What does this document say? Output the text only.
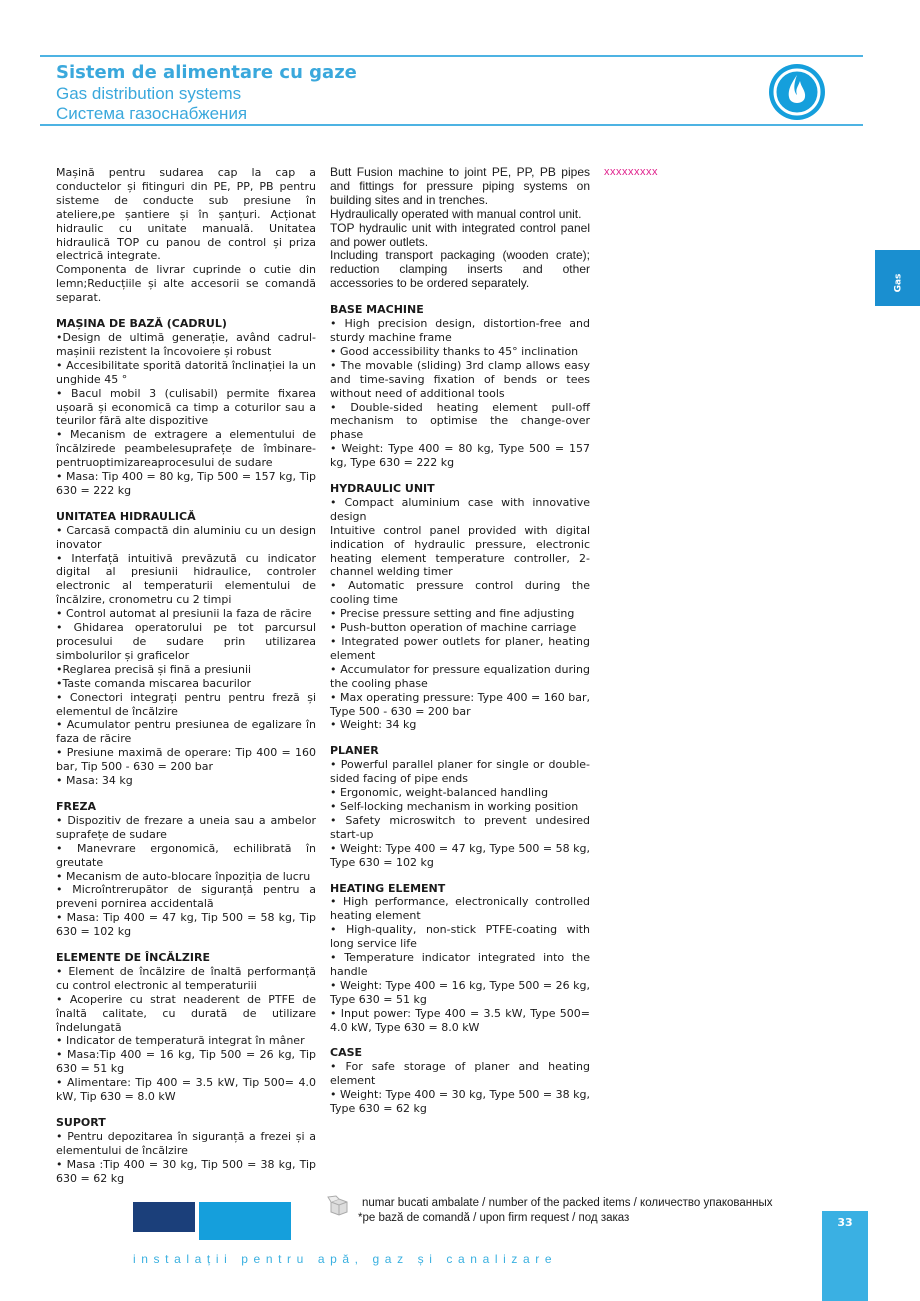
Sistem de alimentare cu gaze
Gas distribution systems
Система газоснабжения
Gas

Mașină pentru sudarea cap la cap a conductelor și fitinguri din PE, PP, PB pentru sisteme de conducte sub presiune în ateliere,pe șantiere și în șanțuri. Acționat hidraulic cu unitate manuală. Unitatea hidraulică TOP cu panou de control și priza electrică integrate.

Componenta de livrar cuprinde o cutie din lemn;Reducțiile și alte accesorii se comandă separat.

MAȘINA DE BAZĂ (CADRUL)

•Design de ultimă generație, având cadrul-mașinii rezistent la încovoiere și robust

• Accesibilitate sporită datorită înclinației la un unghide 45 °

• Bacul mobil 3 (culisabil) permite fixarea ușoară și economică ca timp a coturilor sau a teurilor fără alte dispozitive

• Mecanism de extragere a elementului de încălzirede peambelesuprafețe de îmbinare-pentruoptimizareaprocesului de sudare

• Masa: Tip 400 = 80 kg, Tip 500 = 157 kg, Tip 630 = 222 kg

UNITATEA HIDRAULICĂ

• Carcasă compactă din aluminiu cu un design inovator

• Interfață intuitivă prevăzută cu indicator digital al presiunii hidraulice, controler electronic al temperaturii elementului de încălzire, cronometru cu 2 timpi

• Control automat al presiunii la faza de răcire

• Ghidarea operatorului pe tot parcursul procesului de sudare prin utilizarea simbolurilor și graficelor

•Reglarea precisă și fină a presiunii

•Taste comanda miscarea bacurilor

• Conectori integrați pentru pentru freză și elementul de încălzire

• Acumulator pentru presiunea de egalizare în faza de răcire

• Presiune maximă de operare: Tip 400 = 160 bar, Tip 500 - 630 = 200 bar

• Masa: 34 kg

FREZA

• Dispozitiv de frezare a uneia sau a ambelor suprafețe de sudare

• Manevrare ergonomică, echilibrată în greutate

• Mecanism de auto-blocare înpoziția de lucru

• Microîntrerupător de siguranță pentru a preveni pornirea accidentală

• Masa: Tip 400 = 47 kg, Tip 500 = 58 kg, Tip 630 = 102 kg

ELEMENTE DE ÎNCĂLZIRE

• Element de încălzire de înaltă performanță cu control electronic al temperaturiii

• Acoperire cu strat neaderent de PTFE de înaltă calitate, cu durată de utilizare îndelungată

• Indicator de temperatură integrat în mâner

• Masa:Tip 400 = 16 kg, Tip 500 = 26 kg, Tip 630 = 51 kg

• Alimentare: Tip 400 = 3.5 kW, Tip 500= 4.0 kW, Tip 630 = 8.0 kW

SUPORT

• Pentru depozitarea în siguranță a frezei și a elementului de încălzire

• Masa :Tip 400 = 30 kg, Tip 500 = 38 kg, Tip 630 = 62 kg

Butt Fusion machine to joint PE, PP, PB pipes and fittings for pressure piping systems on building sites and in trenches.

Hydraulically operated with manual control unit.

TOP hydraulic unit with integrated control panel and power outlets.

Including transport packaging (wooden crate); reduction clamping inserts and other accessories to be ordered separately.

BASE MACHINE

• High precision design, distortion-free and sturdy machine frame

• Good accessibility thanks to 45° inclination

• The movable (sliding) 3rd clamp allows easy and time-saving fixation of bends or tees without need of additional tools

• Double-sided heating element pull-off mechanism to optimise the change-over phase

• Weight: Type 400 = 80 kg, Type 500 = 157 kg, Type 630 = 222 kg

HYDRAULIC UNIT

• Compact aluminium case with innovative design

Intuitive control panel provided with digital indication of hydraulic pressure, electronic heating element temperature controller, 2-channel welding timer

• Automatic pressure control during the cooling time

• Precise pressure setting and fine adjusting

• Push-button operation of machine carriage

• Integrated power outlets for planer, heating element

• Accumulator for pressure equalization during the cooling phase

• Max operating pressure: Type 400 = 160 bar, Type 500 - 630 = 200 bar

• Weight: 34 kg

PLANER

• Powerful parallel planer for single or double-sided facing of pipe ends

• Ergonomic, weight-balanced handling

• Self-locking mechanism in working position

• Safety microswitch to prevent undesired start-up

• Weight: Type 400 = 47 kg, Type 500 = 58 kg, Type 630 = 102 kg

HEATING ELEMENT

• High performance, electronically controlled heating element

• High-quality, non-stick PTFE-coating with long service life

• Temperature indicator integrated into the handle

• Weight: Type 400 = 16 kg, Type 500 = 26 kg, Type 630 = 51 kg

• Input power: Type 400 = 3.5 kW, Type 500= 4.0 kW, Type 630 = 8.0 kW

CASE

• For safe storage of planer and heating element

• Weight: Type 400 = 30 kg, Type 500 = 38 kg, Type 630 = 62 kg

xxxxxxxxx
instalații pentru apă, gaz și canalizare
numar bucati ambalate / number of the packed items / количество упакованных
*pe bază de comandă / upon firm request / под заказ	33
